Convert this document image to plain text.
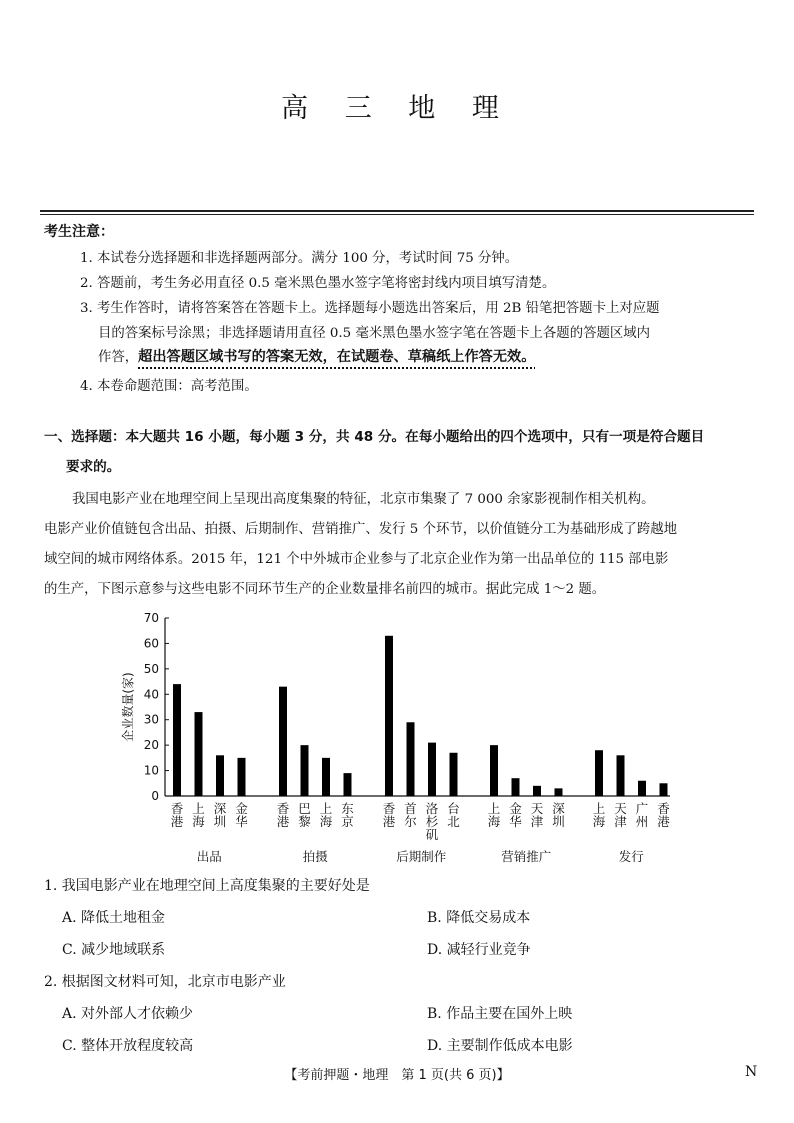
高 三 地 理
考生注意：
1. 本试卷分选择题和非选择题两部分。满分 100 分，考试时间 75 分钟。
2. 答题前，考生务必用直径 0.5 毫米黑色墨水签字笔将密封线内项目填写清楚。
3. 考生作答时，请将答案答在答题卡上。选择题每小题选出答案后，用 2B 铅笔把答题卡上对应题
目的答案标号涂黑；非选择题请用直径 0.5 毫米黑色墨水签字笔在答题卡上各题的答题区域内
作答，超出答题区域书写的答案无效，在试题卷、草稿纸上作答无效。
4. 本卷命题范围：高考范围。
一、选择题：本大题共 16 小题，每小题 3 分，共 48 分。在每小题给出的四个选项中，只有一项是符合题目
要求的。
我国电影产业在地理空间上呈现出高度集聚的特征，北京市集聚了 7 000 余家影视制作相关机构。
电影产业价值链包含出品、拍摄、后期制作、营销推广、发行 5 个环节，以价值链分工为基础形成了跨越地
域空间的城市网络体系。2015 年，121 个中外城市企业参与了北京企业作为第一出品单位的 115 部电影
的生产，下图示意参与这些电影不同环节生产的企业数量排名前四的城市。据此完成 1～2 题。
0
10
20
30
40
50
60
70
企业数量(家)
香
港
上
海
深
圳
金
华
出品
香
港
巴
黎
上
海
东
京
拍摄
香
港
首
尔
洛
杉
矶
台
北
后期制作
上
海
金
华
天
津
深
圳
营销推广
上
海
天
津
广
州
香
港
发行
1. 我国电影产业在地理空间上高度集聚的主要好处是
A. 降低土地租金	B. 降低交易成本
C. 减少地域联系	D. 减轻行业竞争
2. 根据图文材料可知，北京市电影产业
A. 对外部人才依赖少	B. 作品主要在国外上映
C. 整体开放程度较高	D. 主要制作低成本电影
【考前押题・地理　第 1 页(共 6 页)】	N
